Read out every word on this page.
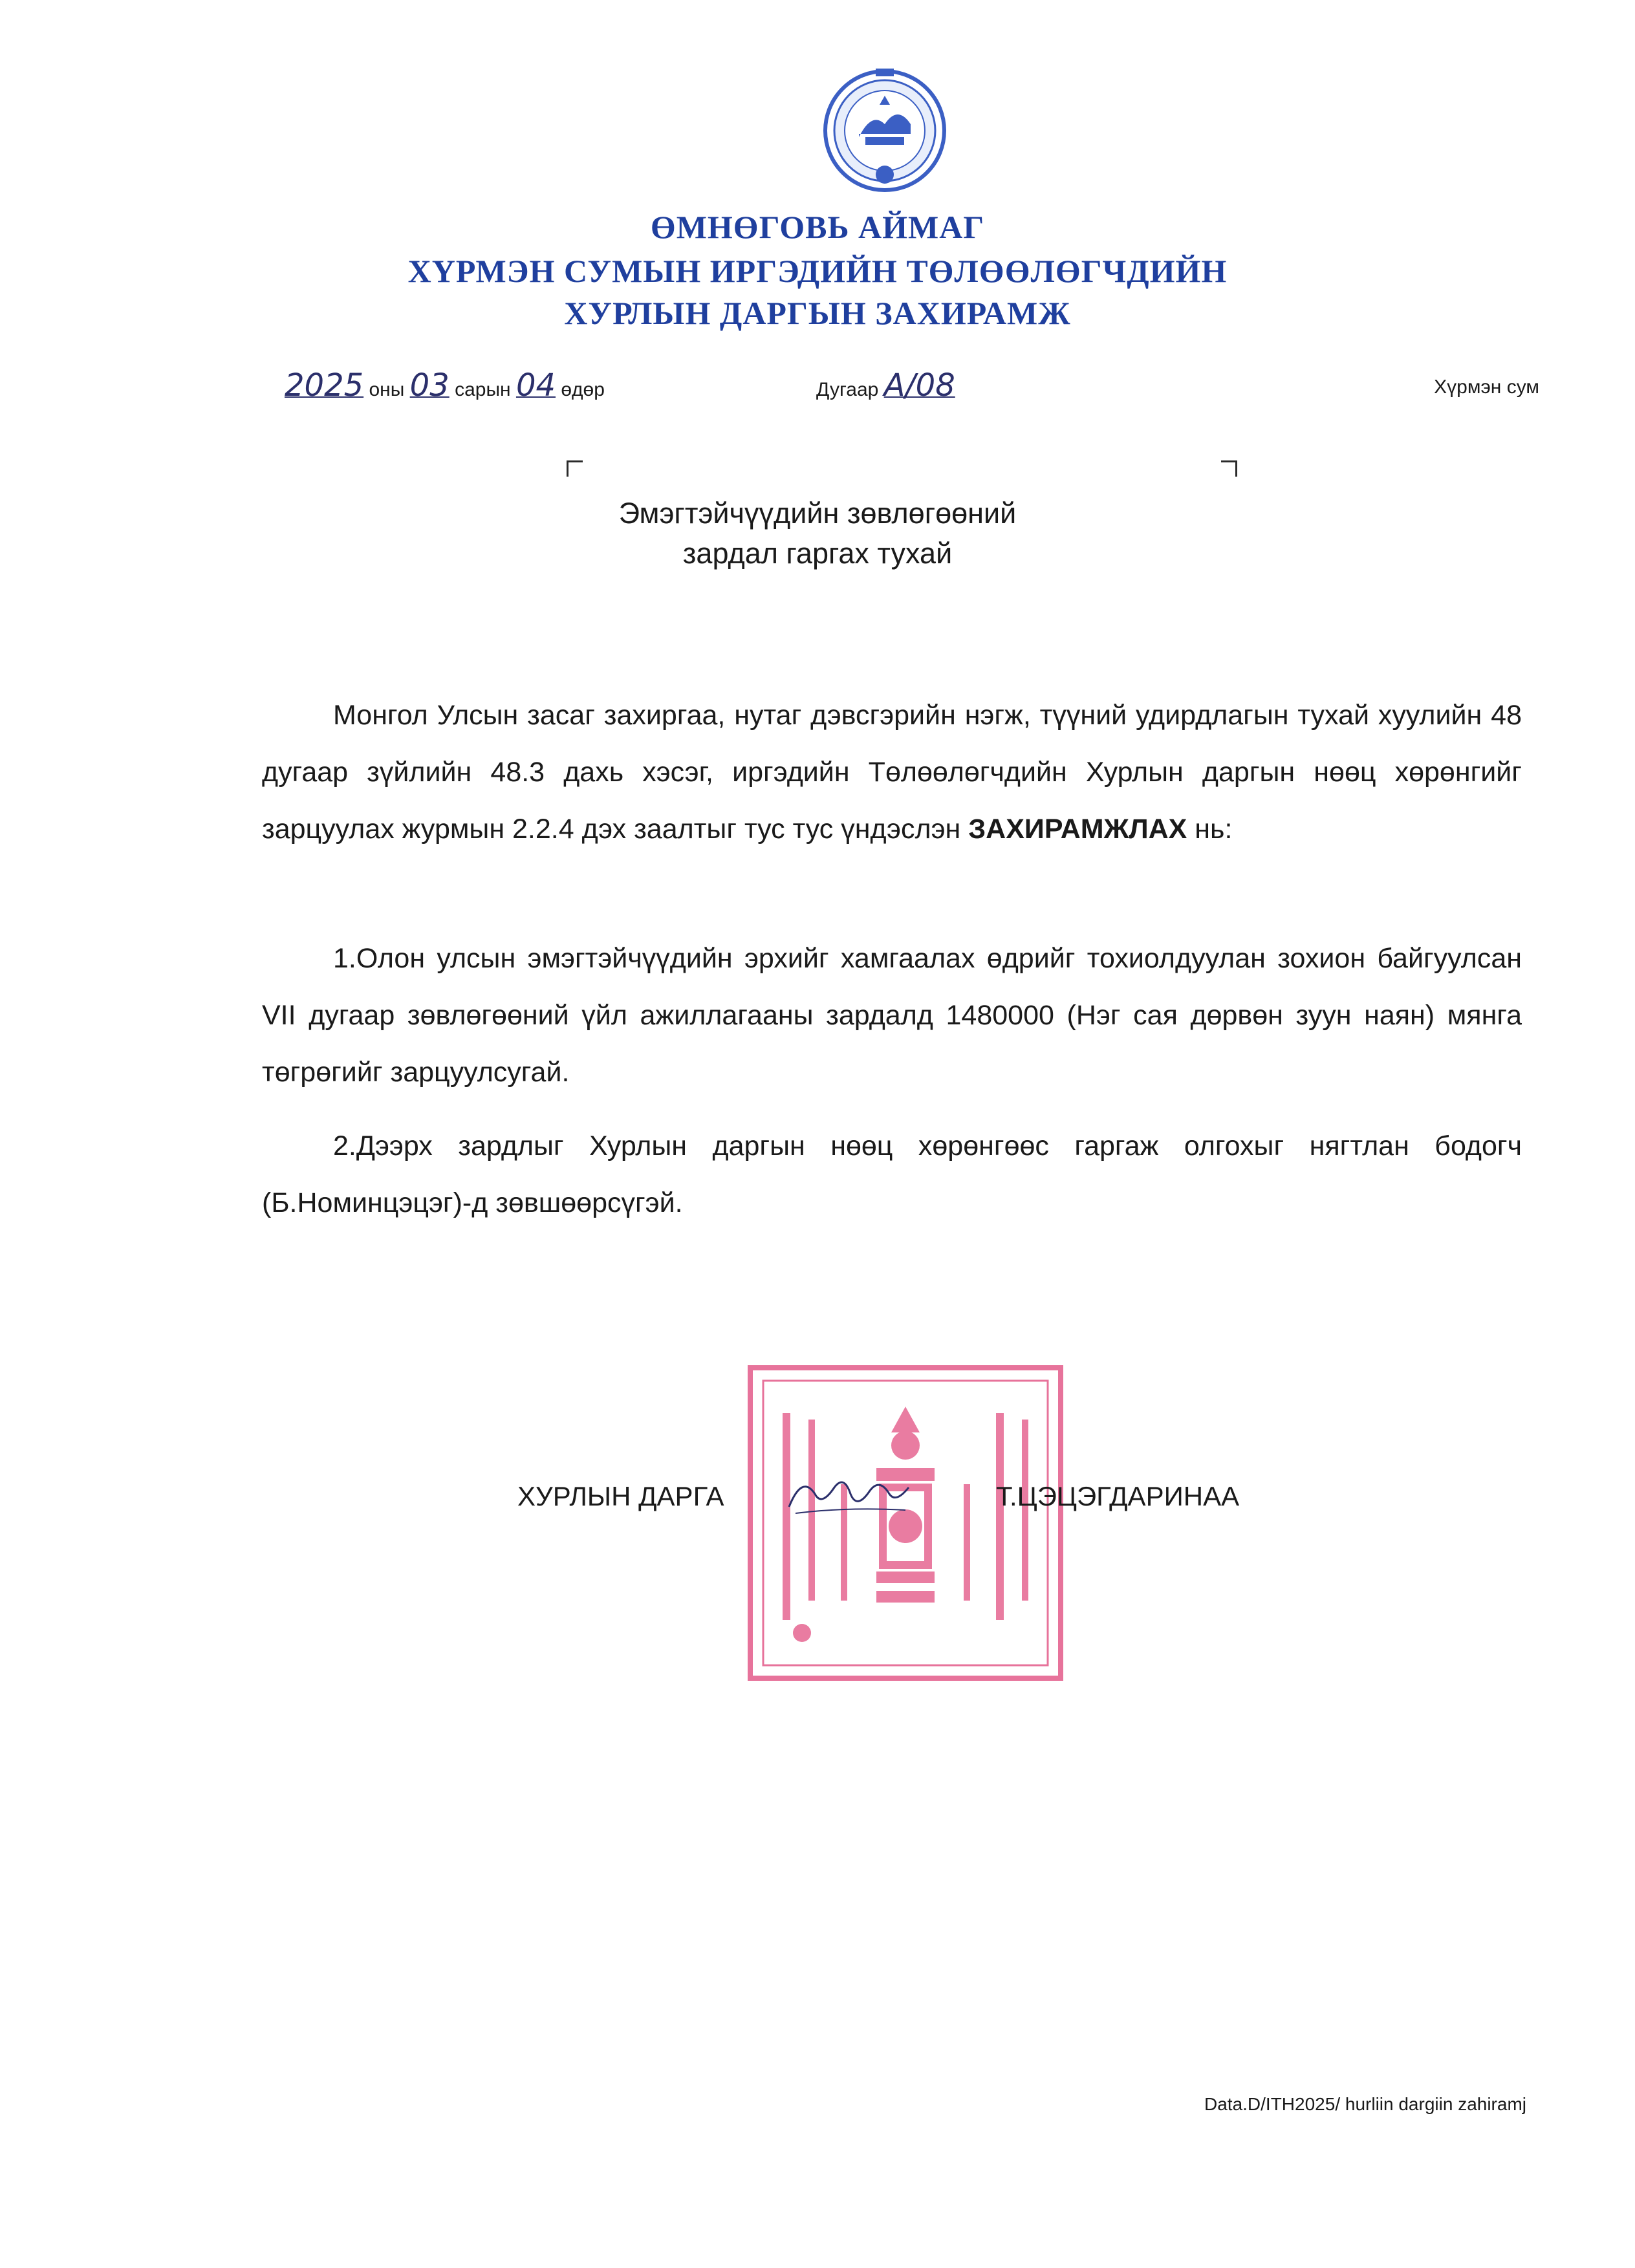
ӨМНӨГОВЬ АЙМАГ
ХҮРМЭН СУМЫН ИРГЭДИЙН ТӨЛӨӨЛӨГЧДИЙН
ХУРЛЫН ДАРГЫН ЗАХИРАМЖ
2025 оны 03 сарын 04 өдөр	Дугаар А/08	Хүрмэн сум
Эмэгтэйчүүдийн зөвлөгөөний
зардал гаргах тухай

Монгол Улсын засаг захиргаа, нутаг дэвсгэрийн нэгж, түүний удирдлагын тухай хуулийн 48 дугаар зүйлийн 48.3 дахь хэсэг, иргэдийн Төлөөлөгчдийн Хурлын даргын нөөц хөрөнгийг зарцуулах журмын 2.2.4 дэх заалтыг тус тус үндэслэн ЗАХИРАМЖЛАХ нь:

1.Олон улсын эмэгтэйчүүдийн эрхийг хамгаалах өдрийг тохиолдуулан зохион байгуулсан VII дугаар зөвлөгөөний үйл ажиллагааны зардалд 1480000 (Нэг сая дөрвөн зуун наян) мянга төгрөгийг зарцуулсугай.

2.Дээрх зардлыг Хурлын даргын нөөц хөрөнгөөс гаргаж олгохыг нягтлан бодогч (Б.Номинцэцэг)-д зөвшөөрсүгэй.

ХУРЛЫН ДАРГА	Т.ЦЭЦЭГДАРИНАА
Data.D/ITH2025/ hurliin dargiin zahiramj
